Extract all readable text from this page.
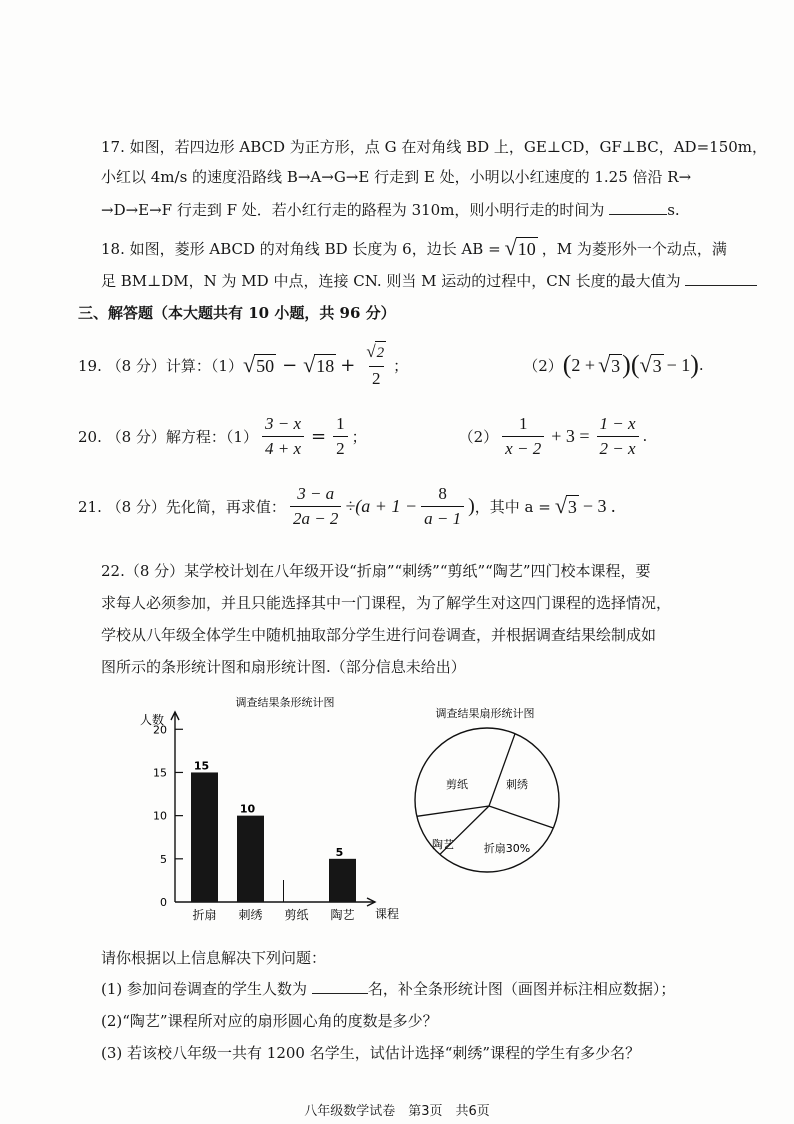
17. 如图，若四边形 ABCD 为正方形，点 G 在对角线 BD 上，GE⊥CD，GF⊥BC，AD=150m，
小红以 4m/s 的速度沿路线 B→A→G→E 行走到 E 处，小明以小红速度的 1.25 倍沿 R→
→D→E→F 行走到 F 处．若小红行走的路程为 310m，则小明行走的时间为	s.
18. 如图，菱形 ABCD 的对角线 BD 长度为 6，边长 AB = √ 10 ，M 为菱形外一个动点，满
足 BM⊥DM，N 为 MD 中点，连接 CN. 则当 M 运动的过程中，CN 长度的最大值为
三、解答题（本大题共有 10 小题，共 96 分）
19. （8 分）计算：（1） √ 50 − √ $18 + \frac{√ 2}{2}$ ；	（2） ( 2 + √ 3 ) ( √ 3 − 1 ) .
20. （8 分）解方程：$(1) \frac{3 - x}{4 + x} = \frac{1}{2}$ ；	$(2) \frac{1}{x - 2} + 3 = \frac{1 - x}{2 - x}$ .
21. （8 分）先化简，再求值： $\frac{3 - a}{2a - 2} \div(a + 1 - \frac{8}{a - 1}$ ) ，其中 a = √ 3 − 3 .
22.（8 分）某学校计划在八年级开设“折扇”“刺绣”“剪纸”“陶艺”四门校本课程，要
求每人必须参加，并且只能选择其中一门课程，为了解学生对这四门课程的选择情况，
学校从八年级全体学生中随机抽取部分学生进行问卷调查，并根据调查结果绘制成如
图所示的条形统计图和扇形统计图.（部分信息未给出）
调查结果条形统计图
人数
课程
0
5
10
15
20
15
折扇
10
刺绣 剪纸
5
陶艺
调查结果扇形统计图
剪纸	刺绣
陶艺	折扇30%
请你根据以上信息解决下列问题：
(1) 参加问卷调查的学生人数为	名，补全条形统计图（画图并标注相应数据）；
(2)“陶艺”课程所对应的扇形圆心角的度数是多少？
(3) 若该校八年级一共有 1200 名学生，试估计选择“刺绣”课程的学生有多少名？
八年级数学试卷　第3页　共6页
